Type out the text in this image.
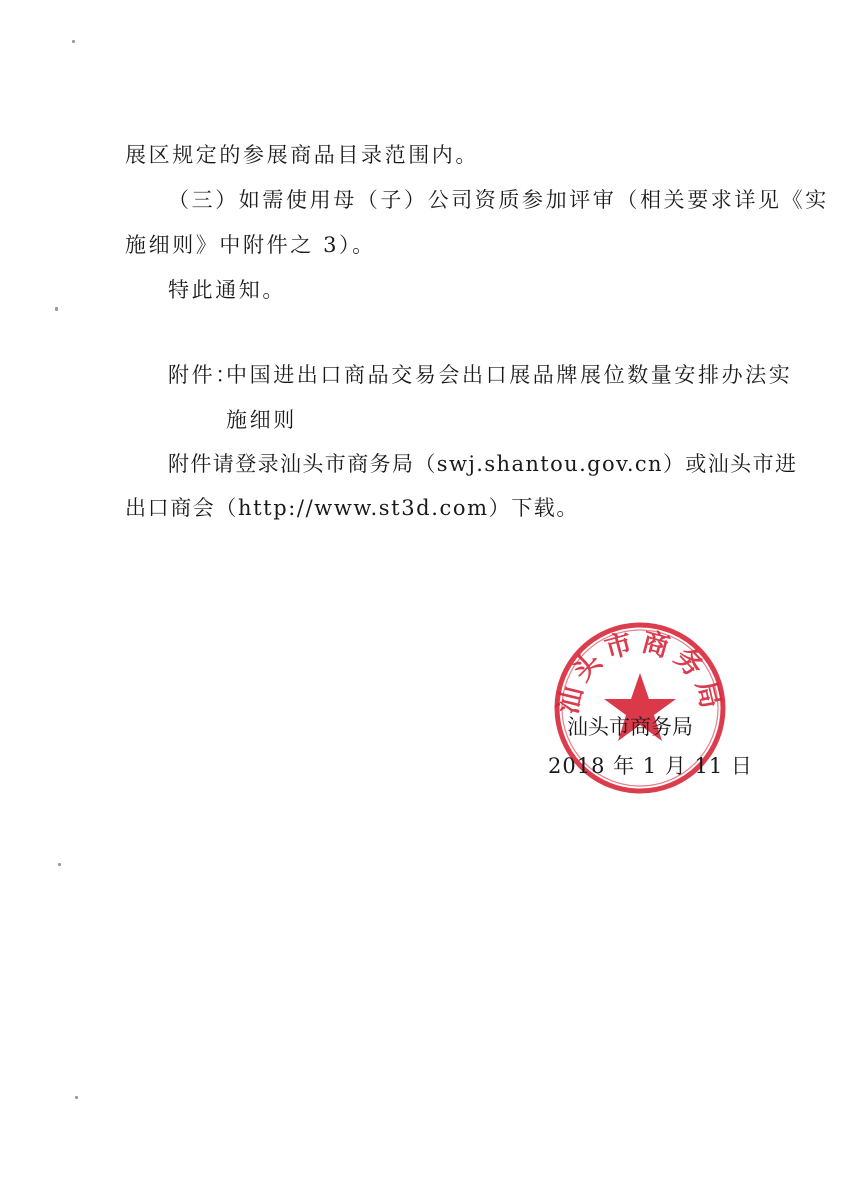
展区规定的参展商品目录范围内。
（三）如需使用母（子）公司资质参加评审（相关要求详见《实
施细则》中附件之 3）。
特此通知。
附件：
中国进出口商品交易会出口展品牌展位数量安排办法实
施细则
附件请登录汕头市商务局（swj.shantou.gov.cn）或汕头市进
出口商会（http://www.st3d.com）下载。
汕头市商务局
汕头市商务局
2018 年 1 月 11 日
